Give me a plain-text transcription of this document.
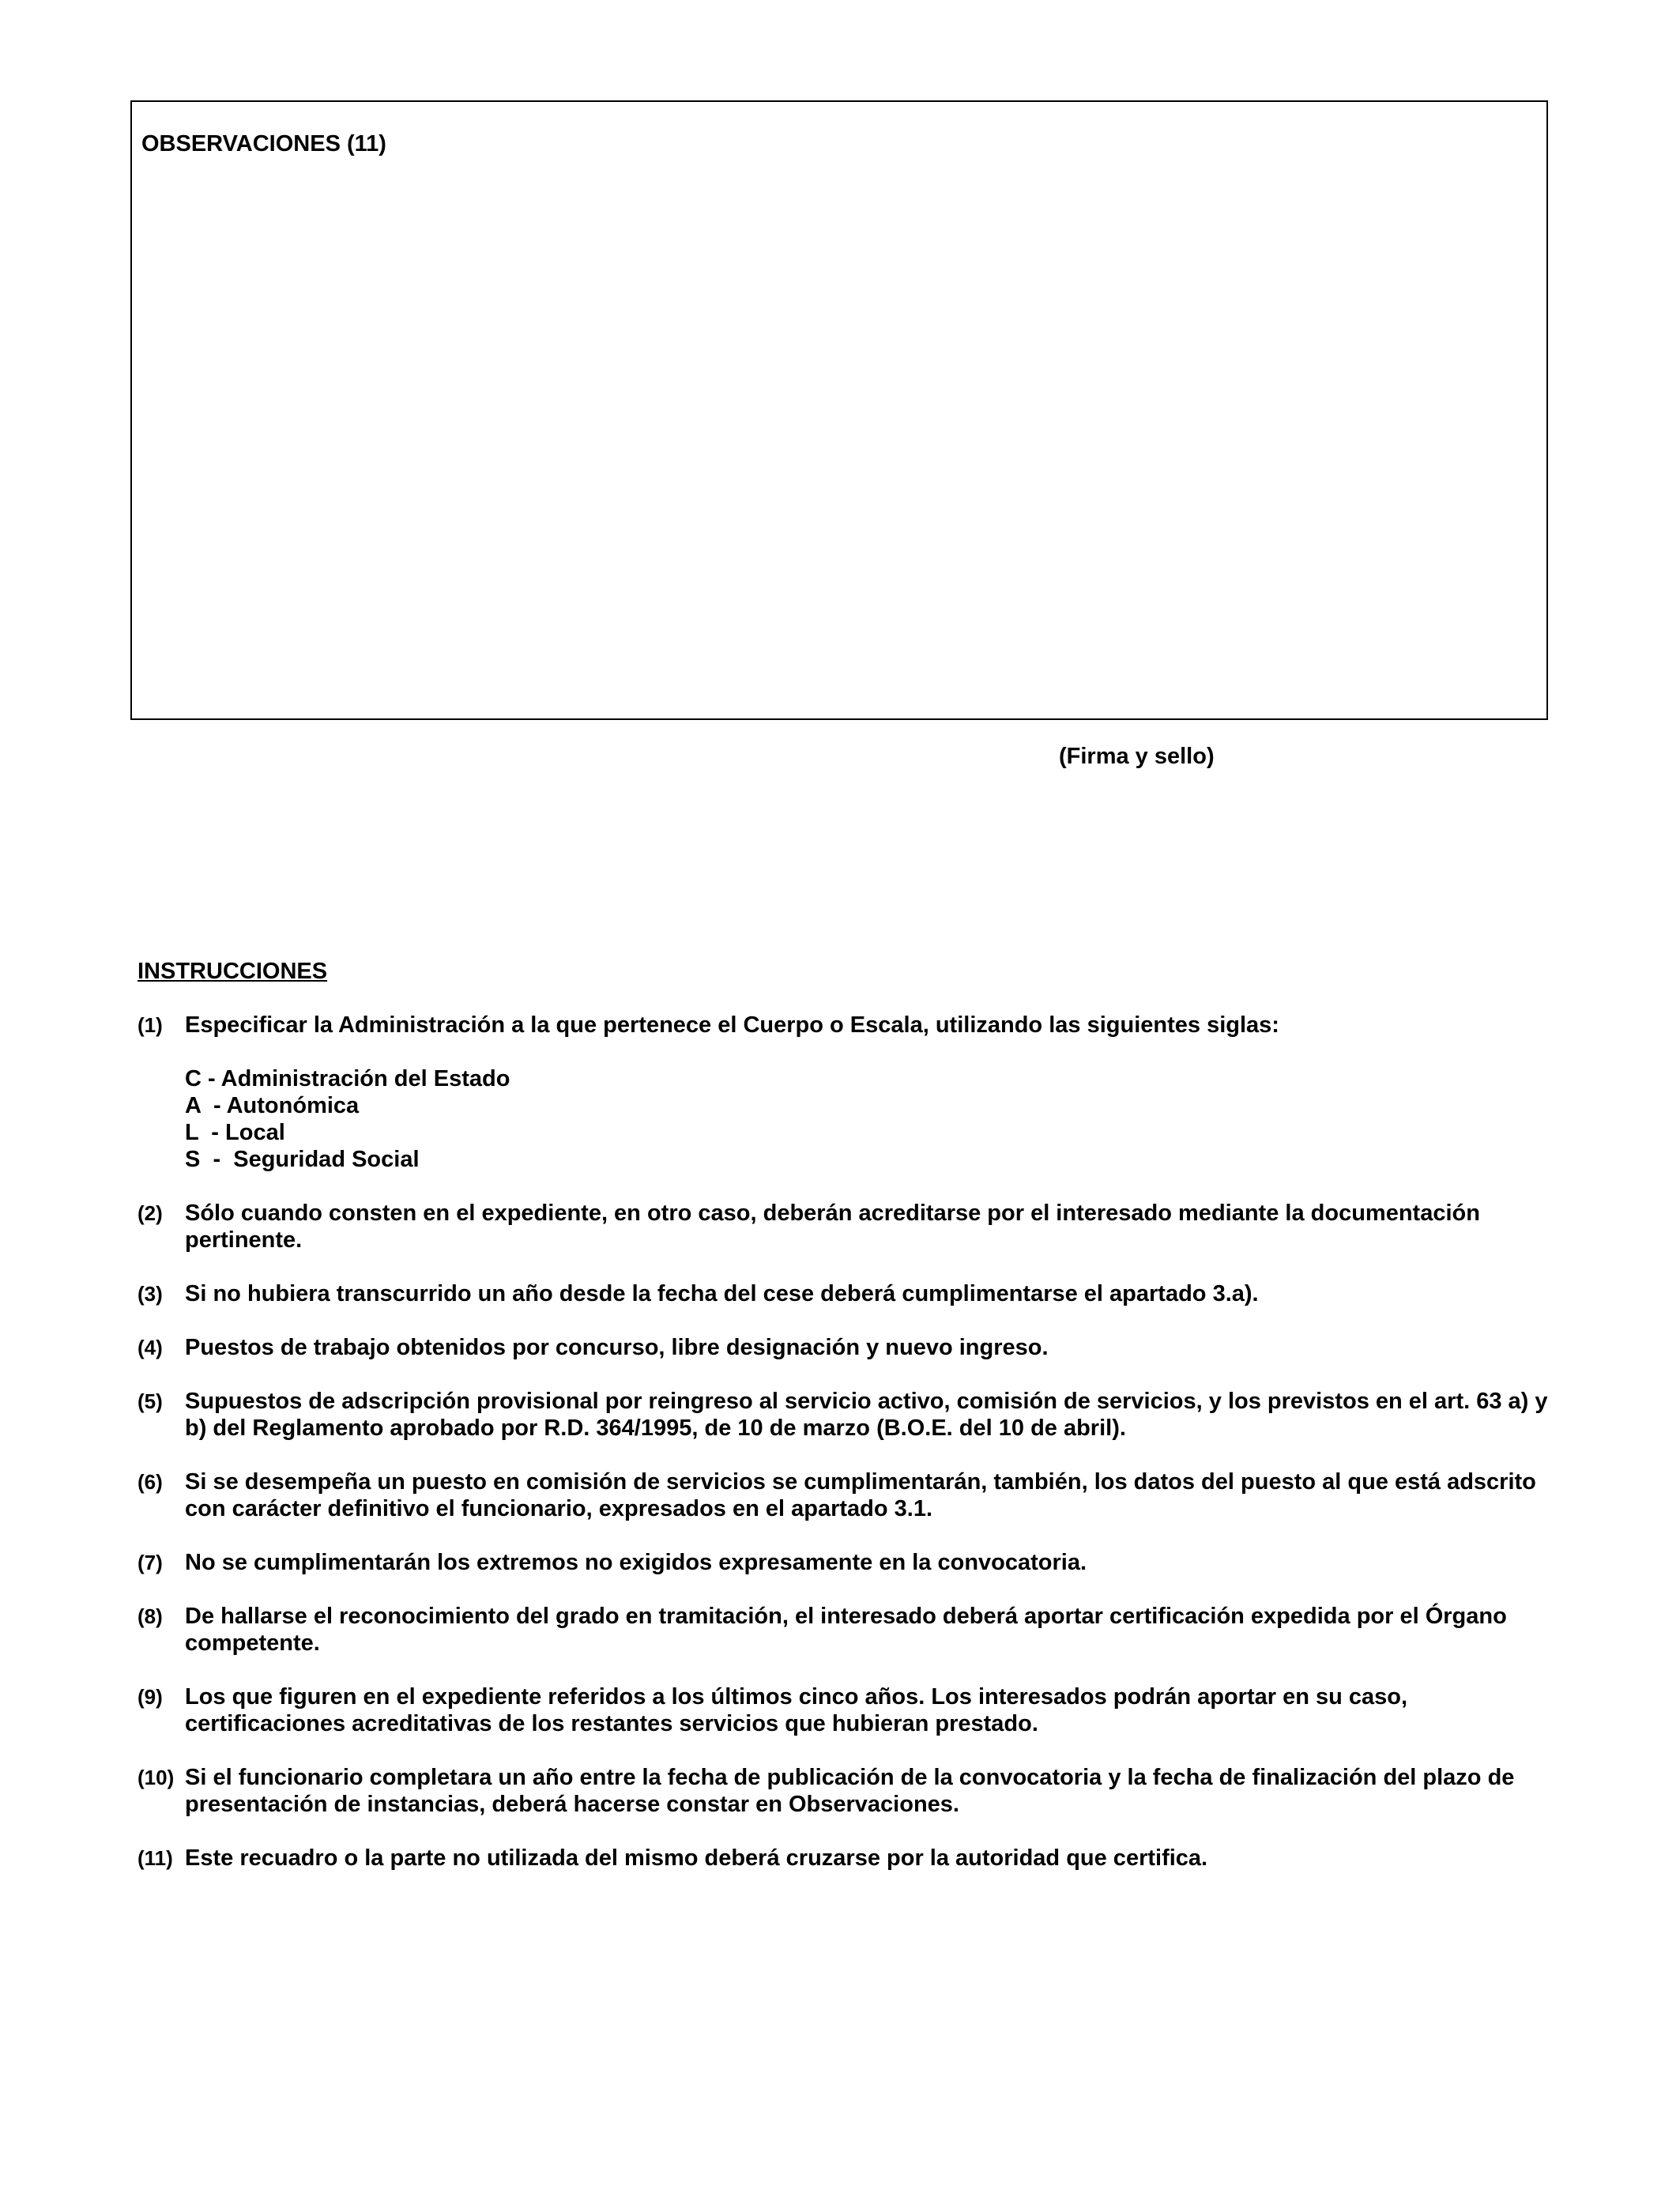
OBSERVACIONES (11)
(Firma y sello)
INSTRUCCIONES
(1) Especificar la Administración a la que pertenece el Cuerpo o Escala, utilizando las siguientes siglas:
C - Administración del Estado
A  - Autonómica
L  - Local
S  -  Seguridad Social
(2) Sólo cuando consten en el expediente, en otro caso, deberán acreditarse por el interesado mediante la documentación pertinente.
(3) Si no hubiera transcurrido un año desde la fecha del cese deberá cumplimentarse el apartado 3.a).
(4) Puestos de trabajo obtenidos por concurso, libre designación y nuevo ingreso.
(5) Supuestos de adscripción provisional por reingreso al servicio activo, comisión de servicios, y los previstos en el art. 63 a) y b) del Reglamento aprobado por R.D. 364/1995, de 10 de marzo (B.O.E. del 10 de abril).
(6) Si se desempeña un puesto en comisión de servicios se cumplimentarán, también, los datos del puesto al que está adscrito con carácter definitivo el funcionario, expresados en el apartado 3.1.
(7) No se cumplimentarán los extremos no exigidos expresamente en la convocatoria.
(8) De hallarse el reconocimiento del grado en tramitación, el interesado deberá aportar certificación expedida por el Órgano competente.
(9) Los que figuren en el expediente referidos a los últimos cinco años. Los interesados podrán aportar en su caso, certificaciones acreditativas de los restantes servicios que hubieran prestado.
(10) Si el funcionario completara un año entre la fecha de publicación de la convocatoria y la fecha de finalización del plazo de presentación de instancias, deberá hacerse constar en Observaciones.
(11) Este recuadro o la parte no utilizada del mismo deberá cruzarse por la autoridad que certifica.
